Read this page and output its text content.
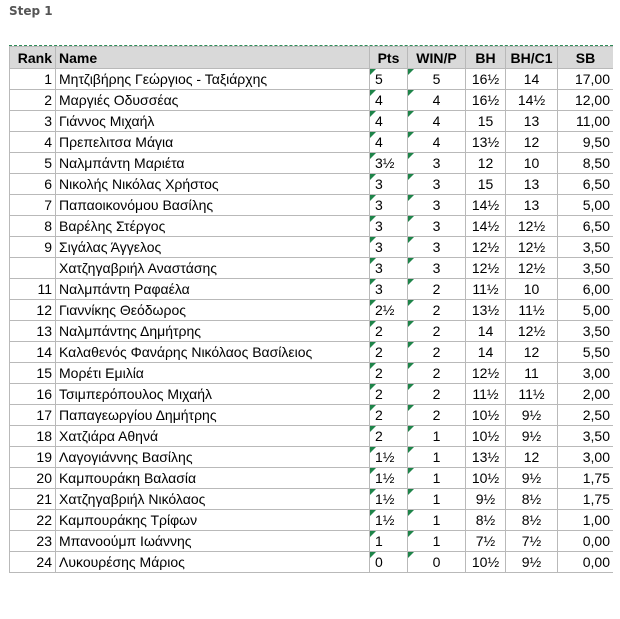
Step 1
Rank	Name	Pts	WIN/P	BH	BH/C1	SB
1	Μητζιβήρης Γεώργιος - Ταξιάρχης	5	5	16½	14	17,00
2	Μαργιές Οδυσσέας	4	4	16½	14½	12,00
3	Γιάννος Μιχαήλ	4	4	15	13	11,00
4	Πρεπελιτσα Μάγια	4	4	13½	12	9,50
5	Ναλμπάντη Μαριέτα	3½	3	12	10	8,50
6	Νικολής Νικόλας Χρήστος	3	3	15	13	6,50
7	Παπαοικονόμου Βασίλης	3	3	14½	13	5,00
8	Βαρέλης Στέργος	3	3	14½	12½	6,50
9	Σιγάλας Άγγελος	3	3	12½	12½	3,50
	Χατζηγαβριήλ Αναστάσης	3	3	12½	12½	3,50
11	Ναλμπάντη Ραφαέλα	3	2	11½	10	6,00
12	Γιαννίκης Θεόδωρος	2½	2	13½	11½	5,00
13	Ναλμπάντης Δημήτρης	2	2	14	12½	3,50
14	Καλαθενός Φανάρης Νικόλαος Βασίλειος	2	2	14	12	5,50
15	Μορέτι Εμιλία	2	2	12½	11	3,00
16	Τσιμπερόπουλος Μιχαήλ	2	2	11½	11½	2,00
17	Παπαγεωργίου Δημήτρης	2	2	10½	9½	2,50
18	Χατζιάρα Αθηνά	2	1	10½	9½	3,50
19	Λαγογιάννης Βασίλης	1½	1	13½	12	3,00
20	Καμπουράκη Βαλασία	1½	1	10½	9½	1,75
21	Χατζηγαβριήλ Νικόλαος	1½	1	9½	8½	1,75
22	Καμπουράκης Τρίφων	1½	1	8½	8½	1,00
23	Μπανοούμπ Ιωάννης	1	1	7½	7½	0,00
24	Λυκουρέσης Μάριος	0	0	10½	9½	0,00
